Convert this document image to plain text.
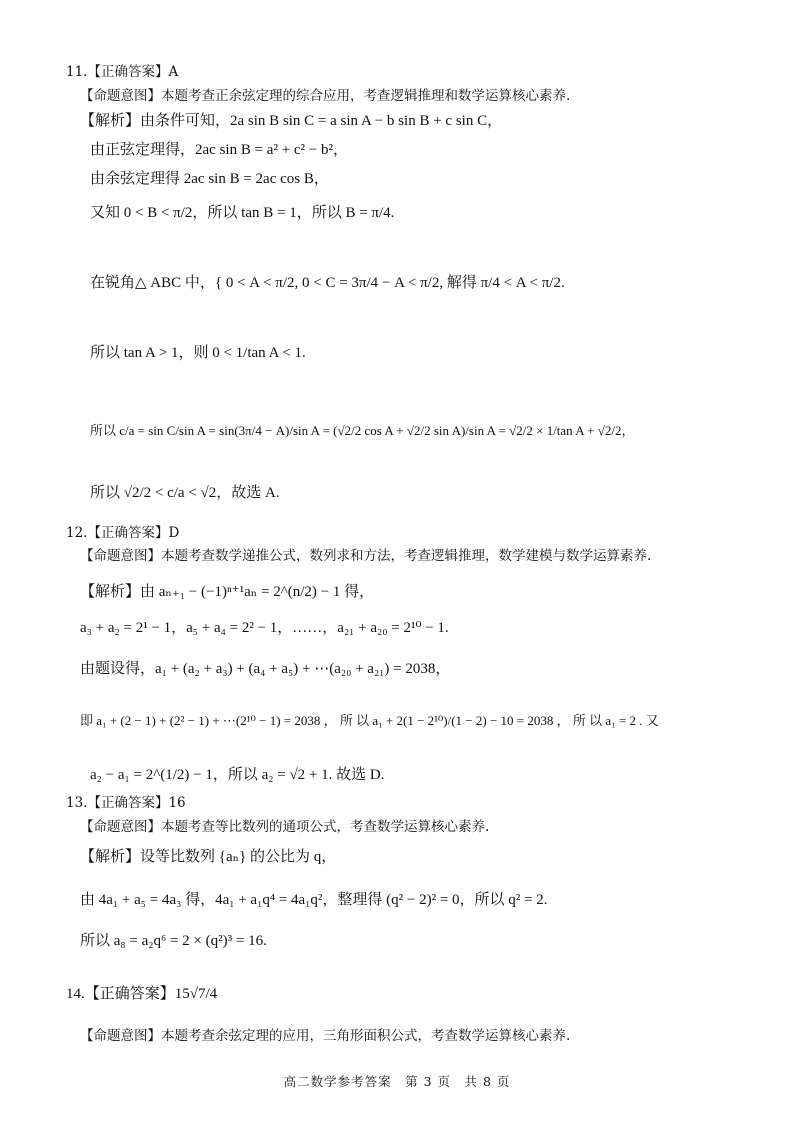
11.【正确答案】A
【命题意图】本题考查正余弦定理的综合应用，考查逻辑推理和数学运算核心素养.
【解析】由条件可知，2a sin B sin C = a sin A − b sin B + c sin C，
由正弦定理得，2ac sin B = a² + c² − b²，
由余弦定理得 2ac sin B = 2ac cos B，
又知 0 < B < π/2，所以 tan B = 1，所以 B = π/4.
在锐角△ ABC 中，{ 0 < A < π/2, 0 < C = 3π/4 − A < π/2, 解得 π/4 < A < π/2.
所以 tan A > 1，则 0 < 1/tan A < 1.
所以 c/a = sin C/sin A = sin(3π/4 − A)/sin A = (√2/2 cos A + √2/2 sin A)/sin A = √2/2 × 1/tan A + √2/2，
所以 √2/2 < c/a < √2，故选 A.
12.【正确答案】D
【命题意图】本题考查数学递推公式，数列求和方法，考查逻辑推理，数学建模与数学运算素养.
【解析】由 aₙ₊₁ − (−1)ⁿ⁺¹aₙ = 2^(n/2) − 1 得，
a₃ + a₂ = 2¹ − 1，a₅ + a₄ = 2² − 1，……，a₂₁ + a₂₀ = 2¹⁰ − 1.
由题设得，a₁ + (a₂ + a₃) + (a₄ + a₅) + ⋯(a₂₀ + a₂₁) = 2038，
即 a₁ + (2 − 1) + (2² − 1) + ⋯(2¹⁰ − 1) = 2038 ， 所 以 a₁ + 2(1 − 2¹⁰)/(1 − 2) − 10 = 2038 ， 所 以 a₁ = 2 . 又
a₂ − a₁ = 2^(1/2) − 1，所以 a₂ = √2 + 1. 故选 D.
13.【正确答案】16
【命题意图】本题考查等比数列的通项公式，考查数学运算核心素养.
【解析】设等比数列 {aₙ} 的公比为 q，
由 4a₁ + a₅ = 4a₃ 得，4a₁ + a₁q⁴ = 4a₁q²，整理得 (q² − 2)² = 0，所以 q² = 2.
所以 a₈ = a₂q⁶ = 2 × (q²)³ = 16.
14.【正确答案】15√7/4
【命题意图】本题考查余弦定理的应用，三角形面积公式，考查数学运算核心素养.
高二数学参考答案　第 3 页　共 8 页
